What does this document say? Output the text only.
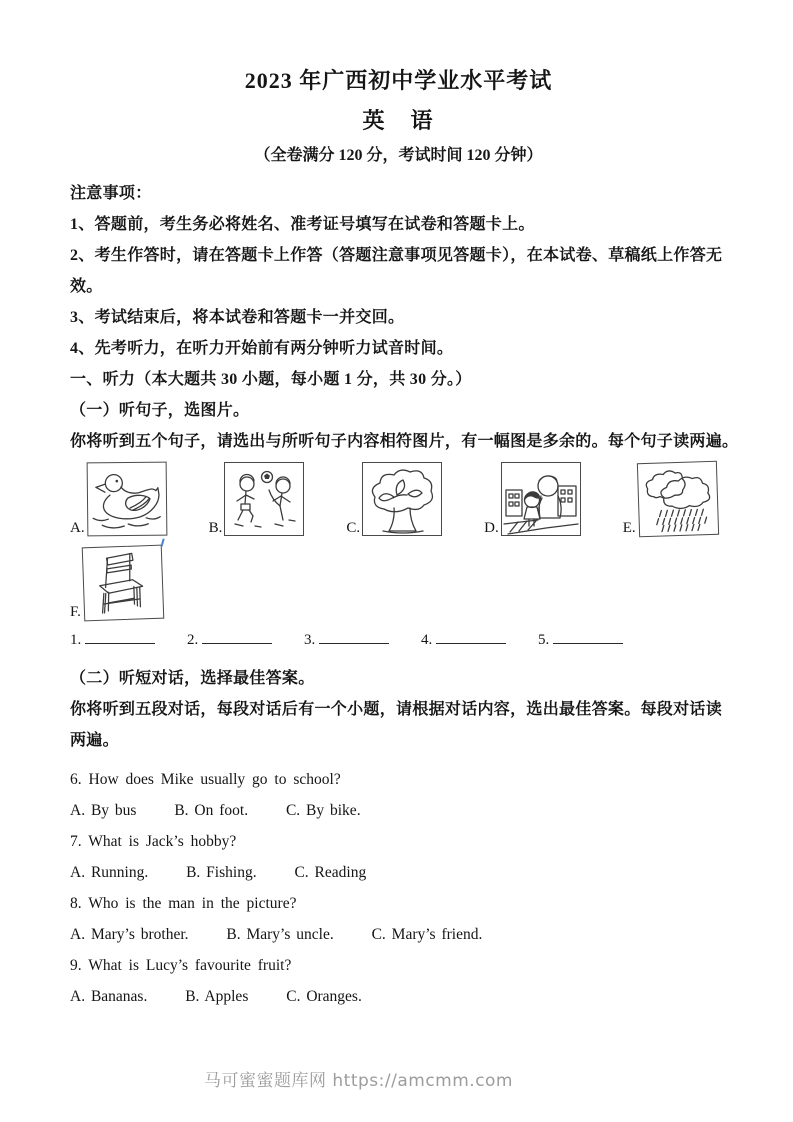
2023 年广西初中学业水平考试
英　语
（全卷满分 120 分，考试时间 120 分钟）
注意事项：

1、答题前，考生务必将姓名、准考证号填写在试卷和答题卡上。

2、考生作答时，请在答题卡上作答（答题注意事项见答题卡），在本试卷、草稿纸上作答无效。

3、考试结束后，将本试卷和答题卡一并交回。

4、先考听力，在听力开始前有两分钟听力试音时间。

一、听力（本大题共 30 小题，每小题 1 分，共 30 分。）

（一）听句子，选图片。

你将听到五个句子，请选出与所听句子内容相符图片，有一幅图是多余的。每个句子读两遍。

A.	B.	C.	D.	E.
F.
1.	2.	3.	4.	5.

（二）听短对话，选择最佳答案。

你将听到五段对话，每段对话后有一个小题，请根据对话内容，选出最佳答案。每段对话读两遍。

6. How does Mike usually go to school?

A. By bus B. On foot. C. By bike.

7. What is Jack’s hobby?

A. Running. B. Fishing. C. Reading

8. Who is the man in the picture?

A. Mary’s brother. B. Mary’s uncle. C. Mary’s friend.

9. What is Lucy’s favourite fruit?

A. Bananas. B. Apples C. Oranges.

马可蜜蜜题库网 https://amcmm.com
